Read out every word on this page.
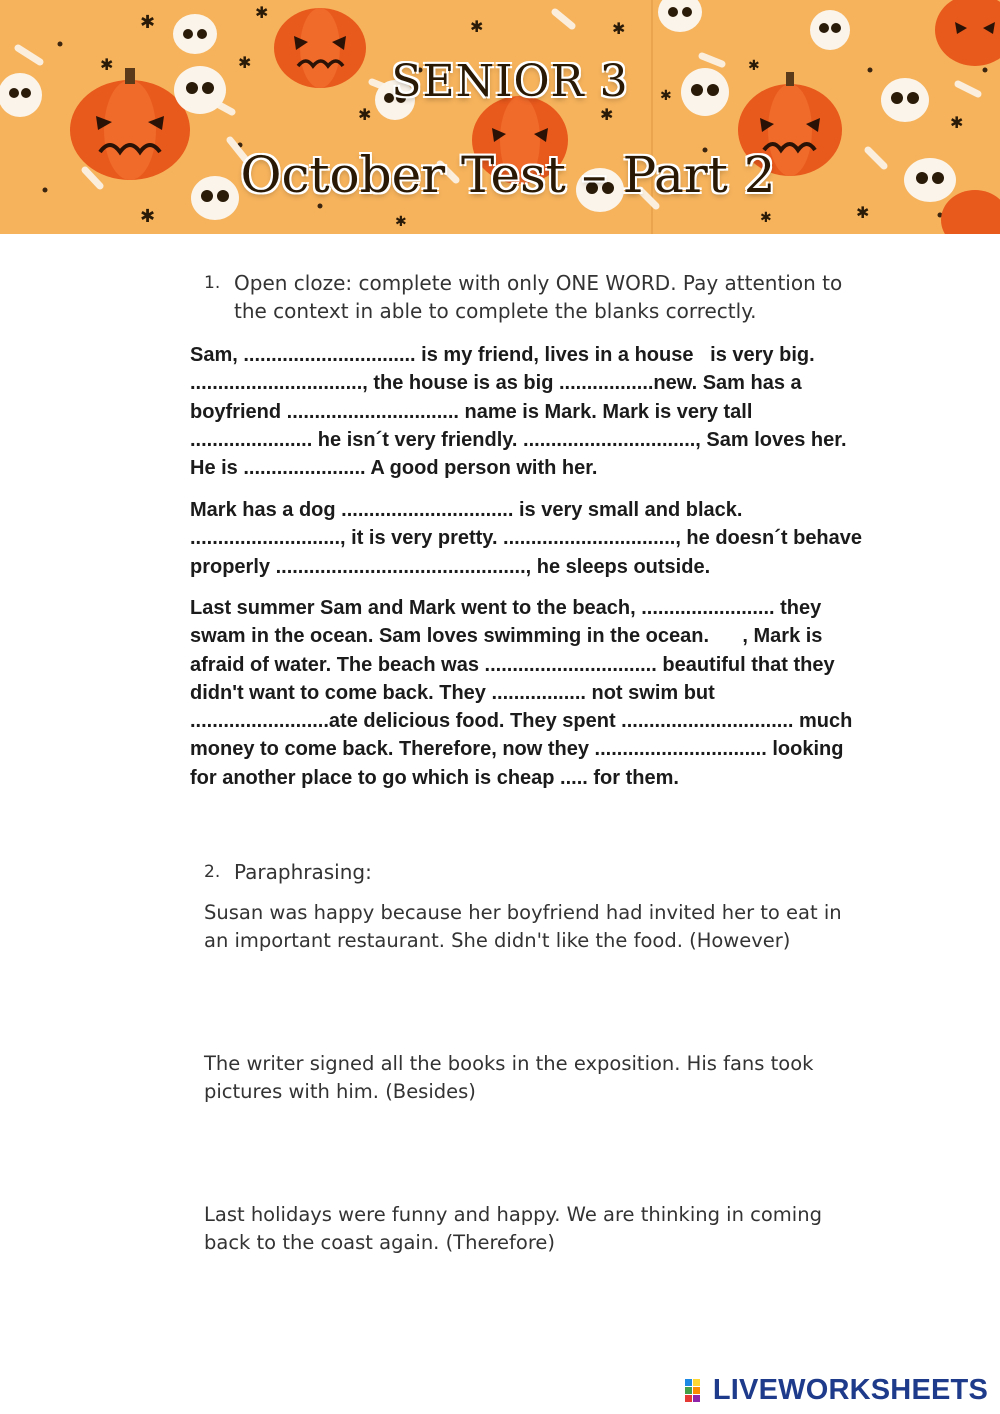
✱
✱
✱
✱
✱
✱
✱	✱
✱
✱
✱
✱
✱
✱
✱
SENIOR 3
October Test – Part 2
1. Open cloze: complete with only ONE WORD. Pay attention to the context in able to complete the blanks correctly.

Sam, ............................... is my friend, lives in a house   is very big. ..............................., the house is as big .................new. Sam has a boyfriend ............................... name is Mark. Mark is very tall ...................... he isn´t very friendly. ..............................., Sam loves her. He is ...................... A good person with her.

Mark has a dog ............................... is very small and black. ..........................., it is very pretty. ..............................., he doesn´t behave properly ............................................., he sleeps outside.

Last summer Sam and Mark went to the beach, ........................ they swam in the ocean. Sam loves swimming in the ocean.      , Mark is afraid of water. The beach was ............................... beautiful that they didn't want to come back. They ................. not swim but .........................ate delicious food. They spent ............................... much money to come back. Therefore, now they ............................... looking for another place to go which is cheap ..... for them.

2. Paraphrasing:

Susan was happy because her boyfriend had invited her to eat in an important restaurant. She didn't like the food. (However)

The writer signed all the books in the exposition. His fans took pictures with him. (Besides)

Last holidays were funny and happy. We are thinking in coming back to the coast again. (Therefore)

LIVEWORKSHEETS
